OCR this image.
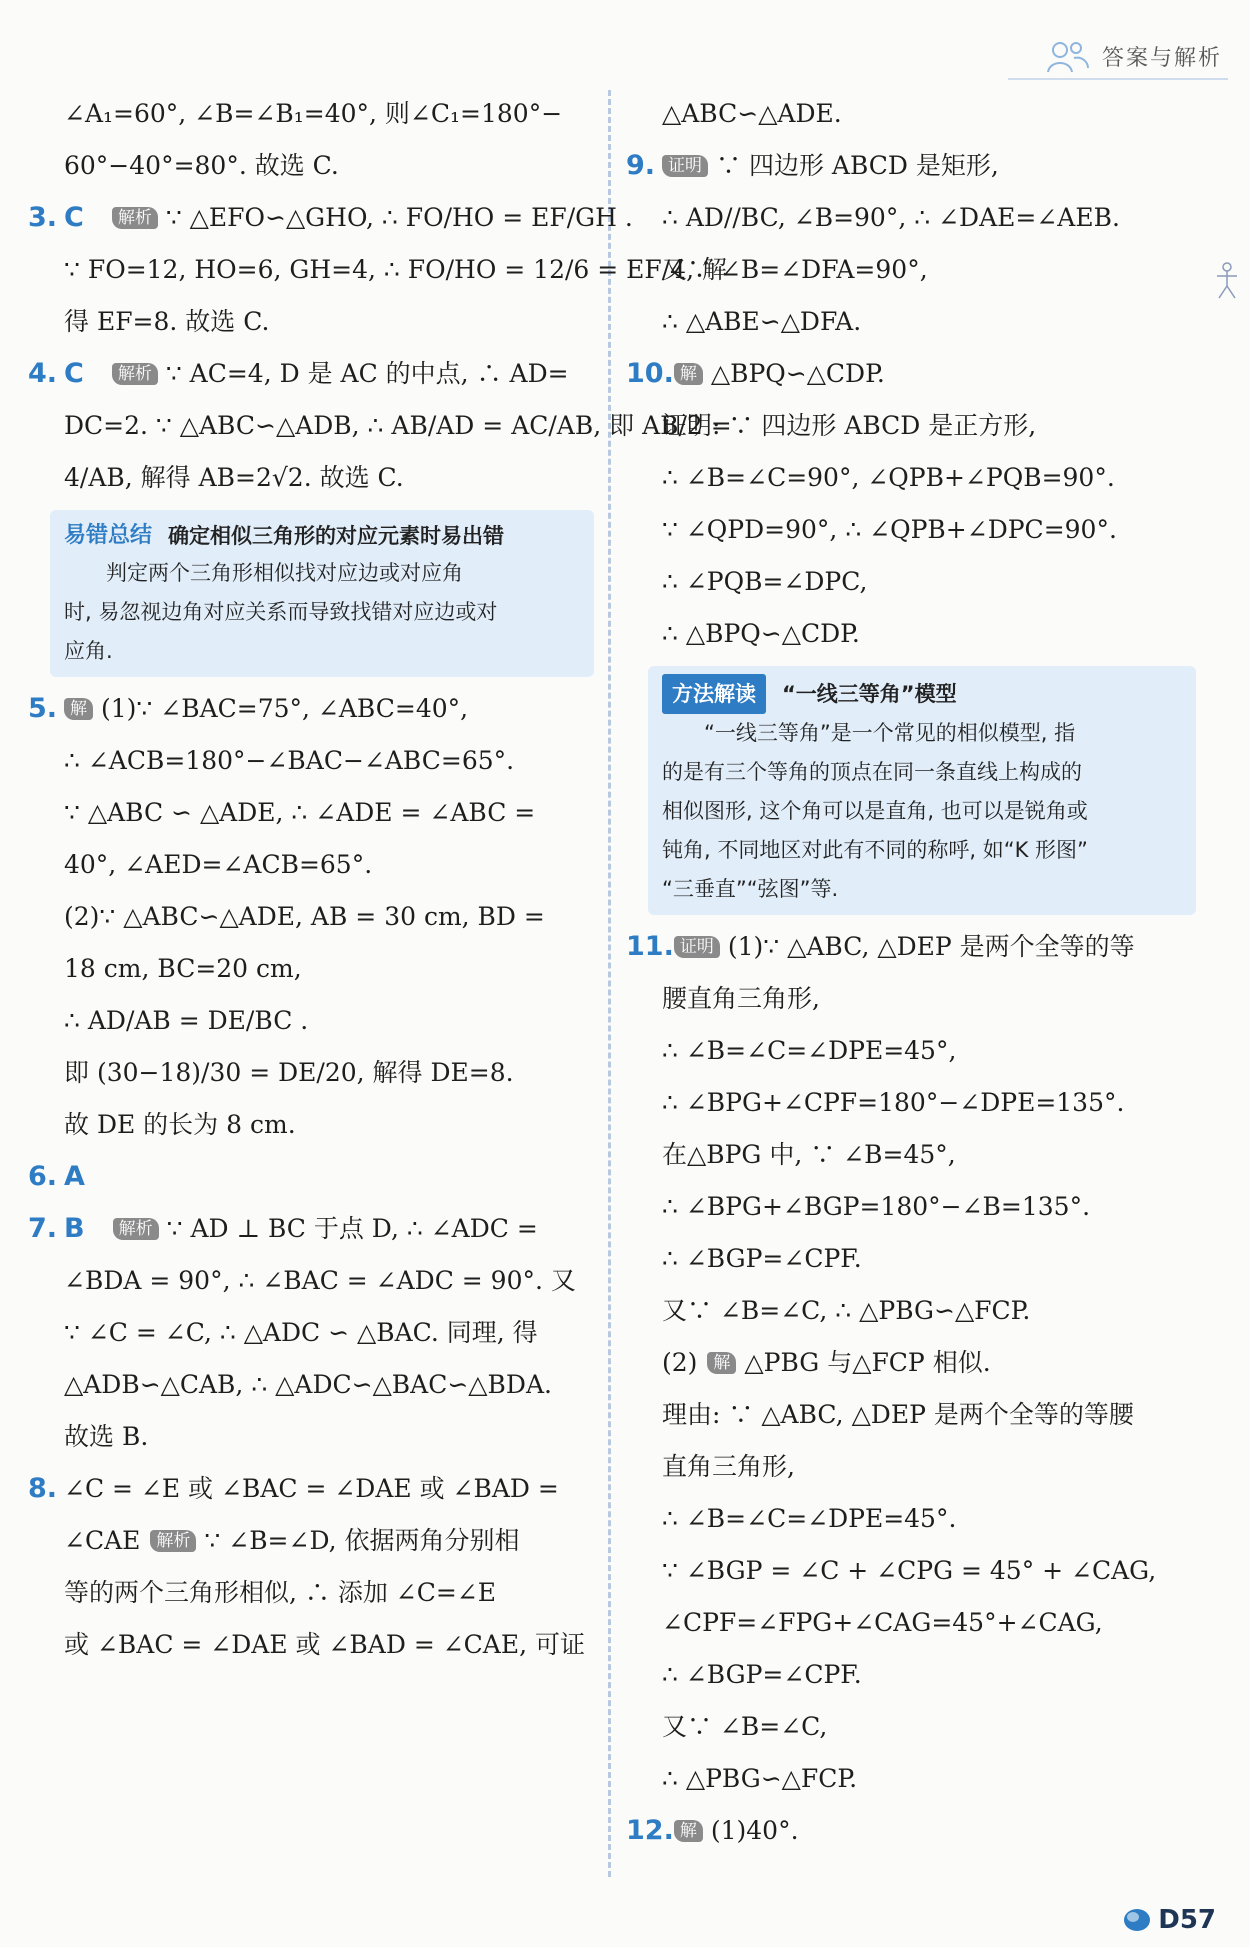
答案与解析
∠A₁=60°, ∠B=∠B₁=40°, 则∠C₁=180°−
60°−40°=80°. 故选 C.
3. C 解析 ∵ △EFO∽△GHO, ∴ FO/HO = EF/GH .
∵ FO=12, HO=6, GH=4, ∴ FO/HO = 12/6 = EF/4, 解
得 EF=8. 故选 C.
4. C 解析 ∵ AC=4, D 是 AC 的中点, ∴ AD=
DC=2. ∵ △ABC∽△ADB, ∴ AB/AD = AC/AB, 即 AB/2 =
4/AB, 解得 AB=2√2. 故选 C.
易错总结 确定相似三角形的对应元素时易出错
判定两个三角形相似找对应边或对应角
时, 易忽视边角对应关系而导致找错对应边或对
应角.
5. 解 (1)∵ ∠BAC=75°, ∠ABC=40°,
∴ ∠ACB=180°−∠BAC−∠ABC=65°.
∵ △ABC ∽ △ADE, ∴ ∠ADE = ∠ABC =
40°, ∠AED=∠ACB=65°.
(2)∵ △ABC∽△ADE, AB = 30 cm, BD =
18 cm, BC=20 cm,
∴ AD/AB = DE/BC .
即 (30−18)/30 = DE/20, 解得 DE=8.
故 DE 的长为 8 cm.
6. A
7. B 解析 ∵ AD ⊥ BC 于点 D, ∴ ∠ADC =
∠BDA = 90°, ∴ ∠BAC = ∠ADC = 90°. 又
∵ ∠C = ∠C, ∴ △ADC ∽ △BAC. 同理, 得
△ADB∽△CAB, ∴ △ADC∽△BAC∽△BDA.
故选 B.
8. ∠C = ∠E 或 ∠BAC = ∠DAE 或 ∠BAD =
∠CAE 解析 ∵ ∠B=∠D, 依据两角分别相
等的两个三角形相似, ∴ 添加 ∠C=∠E
或 ∠BAC = ∠DAE 或 ∠BAD = ∠CAE, 可证
△ABC∽△ADE.
9. 证明 ∵ 四边形 ABCD 是矩形,
∴ AD//BC, ∠B=90°, ∴ ∠DAE=∠AEB.
又∵ ∠B=∠DFA=90°,
∴ △ABE∽△DFA.
10. 解 △BPQ∽△CDP.
证明: ∵ 四边形 ABCD 是正方形,
∴ ∠B=∠C=90°, ∠QPB+∠PQB=90°.
∵ ∠QPD=90°, ∴ ∠QPB+∠DPC=90°.
∴ ∠PQB=∠DPC,
∴ △BPQ∽△CDP.
方法解读	“一线三等角”模型
“一线三等角”是一个常见的相似模型, 指
的是有三个等角的顶点在同一条直线上构成的
相似图形, 这个角可以是直角, 也可以是锐角或
钝角, 不同地区对此有不同的称呼, 如“K 形图”
“三垂直”“弦图”等.
11. 证明 (1)∵ △ABC, △DEP 是两个全等的等
腰直角三角形,
∴ ∠B=∠C=∠DPE=45°,
∴ ∠BPG+∠CPF=180°−∠DPE=135°.
在△BPG 中, ∵ ∠B=45°,
∴ ∠BPG+∠BGP=180°−∠B=135°.
∴ ∠BGP=∠CPF.
又∵ ∠B=∠C, ∴ △PBG∽△FCP.
(2) 解 △PBG 与△FCP 相似.
理由: ∵ △ABC, △DEP 是两个全等的等腰
直角三角形,
∴ ∠B=∠C=∠DPE=45°.
∵ ∠BGP = ∠C + ∠CPG = 45° + ∠CAG,
∠CPF=∠FPG+∠CAG=45°+∠CAG,
∴ ∠BGP=∠CPF.
又∵ ∠B=∠C,
∴ △PBG∽△FCP.
12. 解 (1)40°.
D57
